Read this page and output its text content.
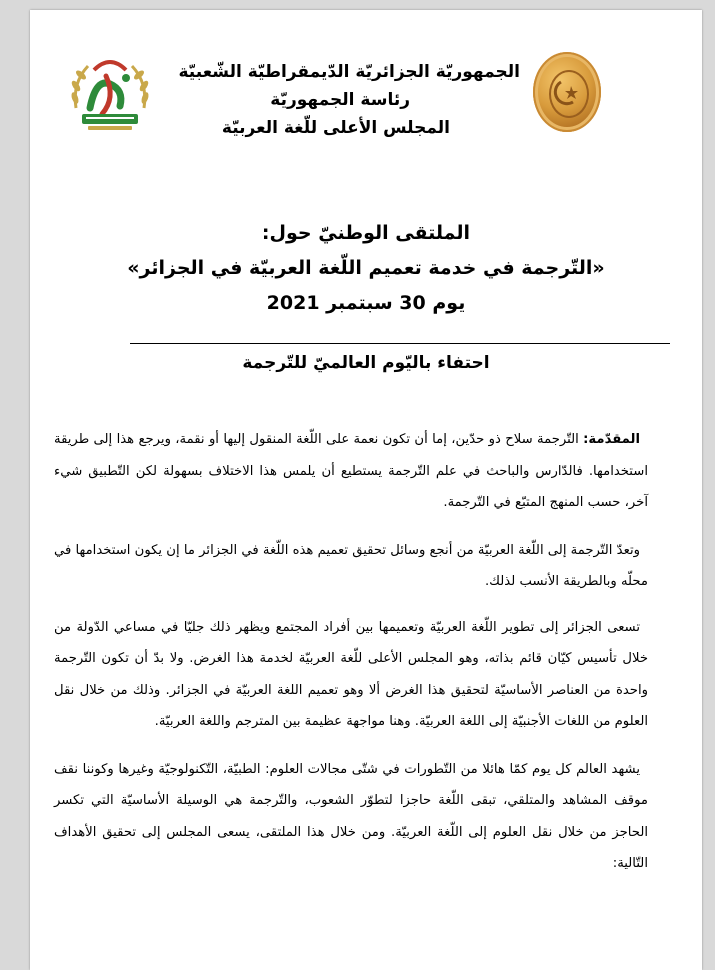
الجمهوريّة الجزائريّة الدّيمقراطيّة الشّعبيّة
رئاسة الجمهوريّة
المجلس الأعلى للّغة العربيّة
الملتقى الوطنيّ حول:
«التّرجمة في خدمة تعميم اللّغة العربيّة في الجزائر»
يوم 30 سبتمبر 2021
احتفاء باليّوم العالميّ للتّرجمة

المقدّمة: التّرجمة سلاح ذو حدّين، إما أن تكون نعمة على اللّغة المنقول إليها أو نقمة، ويرجع هذا إلى طريقة استخدامها. فالدّارس والباحث في علم التّرجمة يستطيع أن يلمس هذا الاختلاف بسهولة لكن التّطبيق شيء آخر، حسب المنهج المتبّع في التّرجمة.

وتعدّ التّرجمة إلى اللّغة العربيّة من أنجع وسائل تحقيق تعميم هذه اللّغة في الجزائر ما إن يكون استخدامها في محلّه وبالطريقة الأنسب لذلك.

تسعى الجزائر إلى تطوير اللّغة العربيّة وتعميمها بين أفراد المجتمع ويظهر ذلك جليّا في مساعي الدّولة من خلال تأسيس كيّان قائم بذاته، وهو المجلس الأعلى للّغة العربيّة لخدمة هذا الغرض. ولا بدّ أن تكون التّرجمة واحدة من العناصر الأساسيّة لتحقيق هذا الغرض ألا وهو تعميم اللغة العربيّة في الجزائر. وذلك من خلال نقل العلوم من اللغات الأجنبيّة إلى اللغة العربيّة. وهنا مواجهة عظيمة بين المترجم واللغة العربيّة.

يشهد العالم كل يوم كمّا هائلا من التّطورات في شتّى مجالات العلوم: الطبيّة، التّكنولوجيّة وغيرها وكوننا نقف موقف المشاهد والمتلقي، تبقى اللّغة حاجزا لتطوّر الشعوب، والتّرجمة هي الوسيلة الأساسيّة التي تكسر الحاجز من خلال نقل العلوم إلى اللّغة العربيّة. ومن خلال هذا الملتقى، يسعى المجلس إلى تحقيق الأهداف التّالية:
